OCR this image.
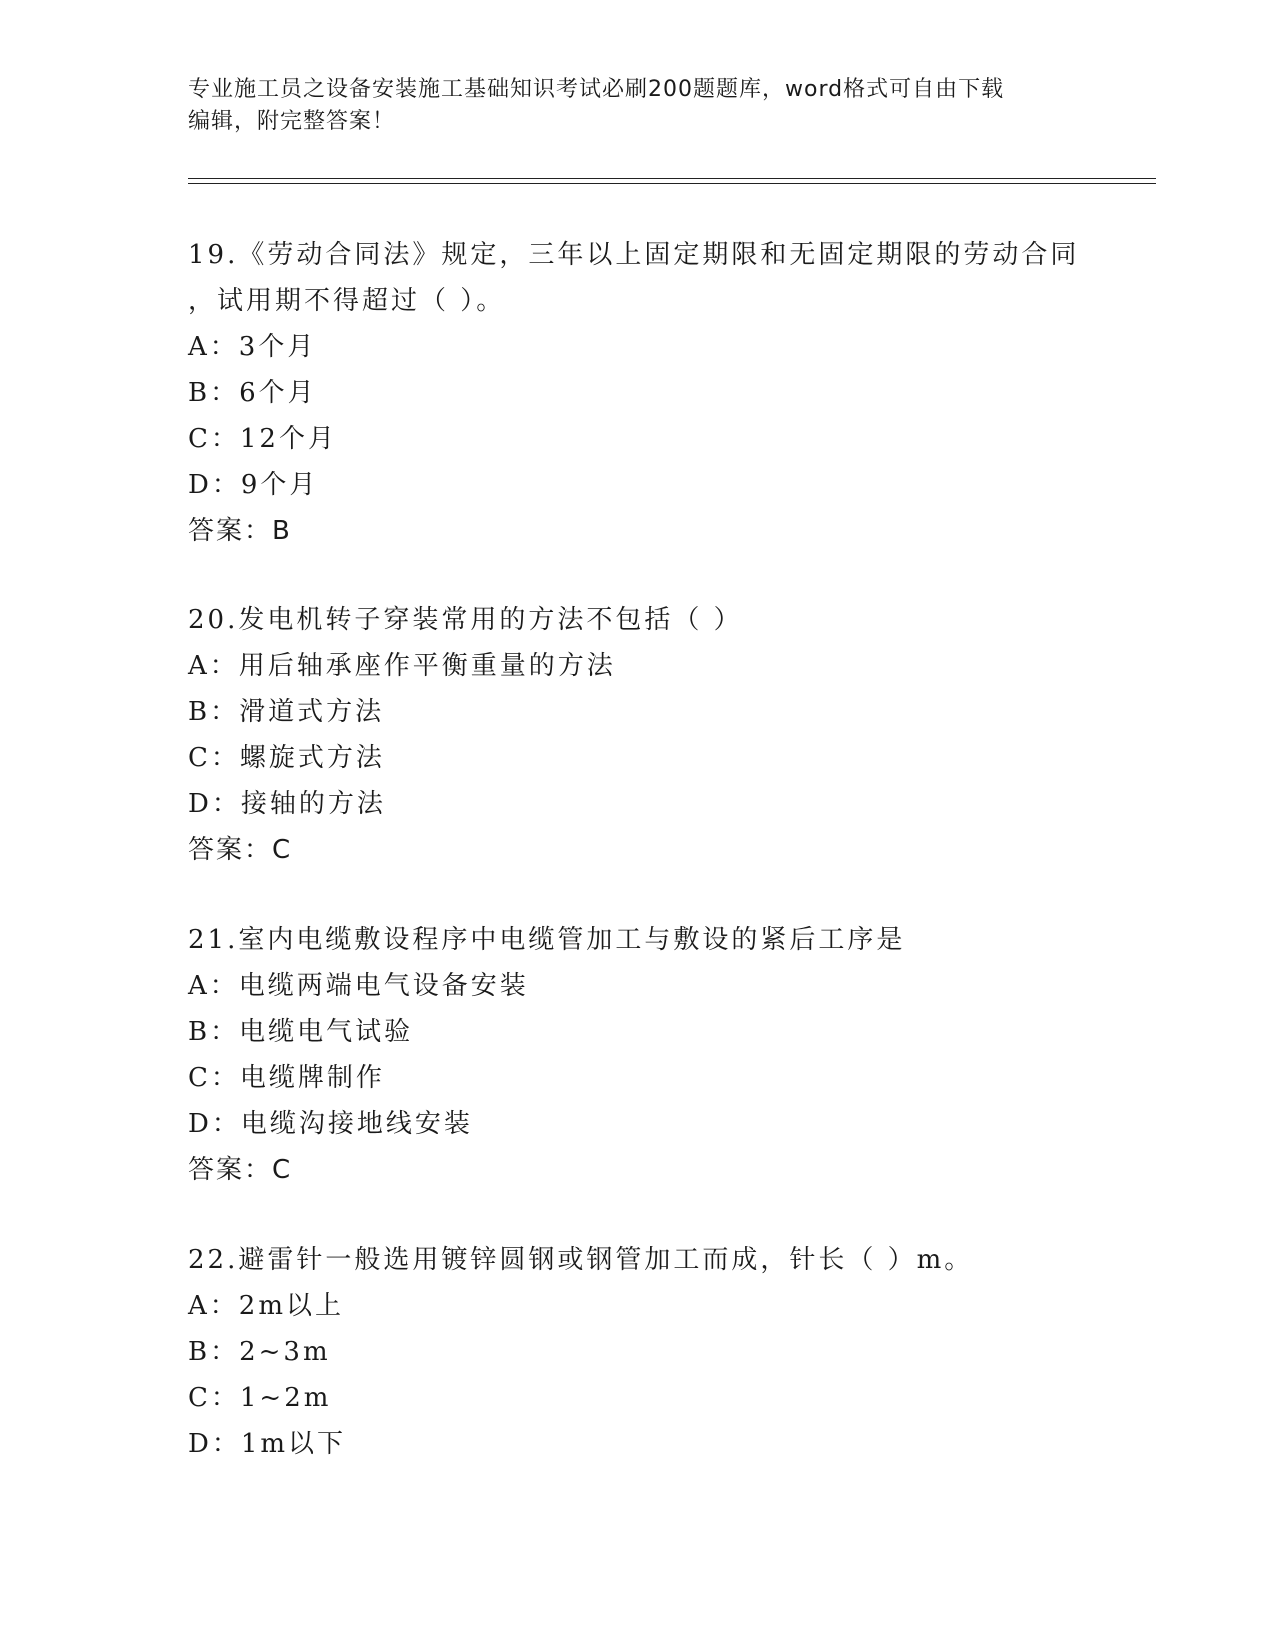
专业施工员之设备安装施工基础知识考试必刷200题题库，word格式可自由下载
编辑，附完整答案！
19.《劳动合同法》规定，三年以上固定期限和无固定期限的劳动合同
，试用期不得超过（ ）。
A：3个月
B：6个月
C：12个月
D：9个月
答案：B
20.发电机转子穿装常用的方法不包括（ ）
A：用后轴承座作平衡重量的方法
B：滑道式方法
C：螺旋式方法
D：接轴的方法
答案：C
21.室内电缆敷设程序中电缆管加工与敷设的紧后工序是
A：电缆两端电气设备安装
B：电缆电气试验
C：电缆牌制作
D：电缆沟接地线安装
答案：C
22.避雷针一般选用镀锌圆钢或钢管加工而成，针长（ ）m。
A：2m以上
B：2~3m
C：1~2m
D：1m以下
